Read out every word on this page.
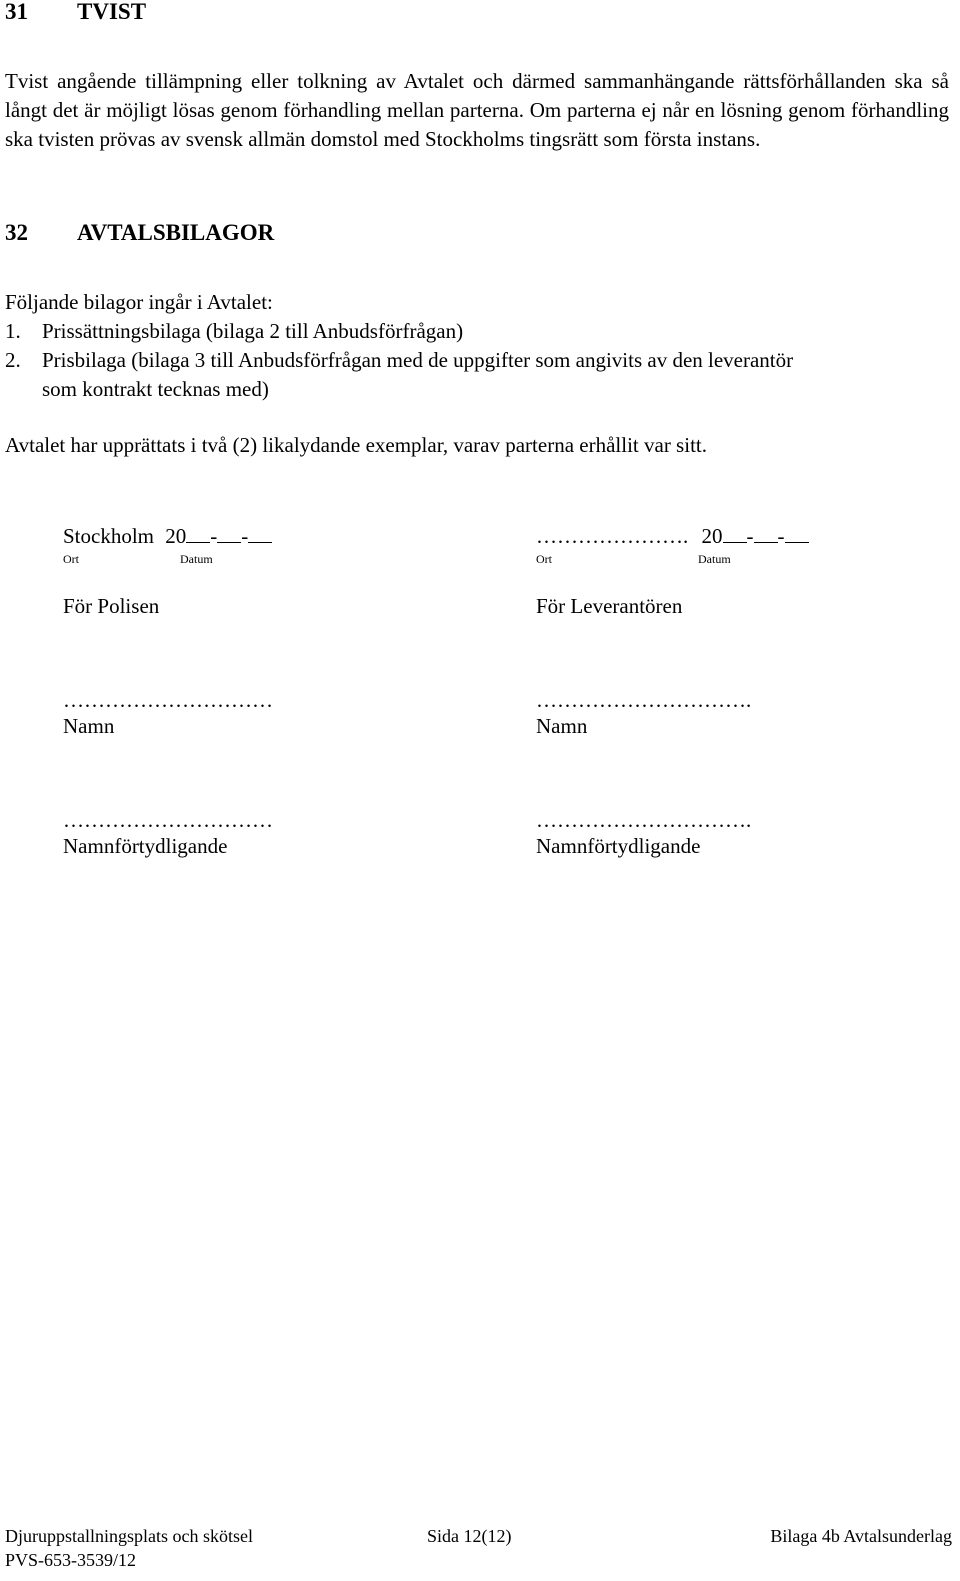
31 TVIST
Tvist angående tillämpning eller tolkning av Avtalet och därmed sammanhängande rättsförhållanden ska så långt det är möjligt lösas genom förhandling mellan parterna. Om parterna ej når en lösning genom förhandling ska tvisten prövas av svensk allmän domstol med Stockholms tingsrätt som första instans.
32 AVTALSBILAGOR
Följande bilagor ingår i Avtalet:
1. Prissättningsbilaga (bilaga 2 till Anbudsförfrågan)
2. Prisbilaga (bilaga 3 till Anbudsförfrågan med de uppgifter som angivits av den leverantör
som kontrakt tecknas med)
Avtalet har upprättats i två (2) likalydande exemplar, varav parterna erhållit var sitt.
Stockholm 20 - -
Ort	Datum
För Polisen
…………………………
Namn
…………………………
Namnförtydligande
…………………. 20 - -
Ort	Datum
För Leverantören
………………………….
Namn
………………………….
Namnförtydligande
Djuruppstallningsplats och skötsel	Sida 12(12)	Bilaga 4b Avtalsunderlag
PVS-653-3539/12
